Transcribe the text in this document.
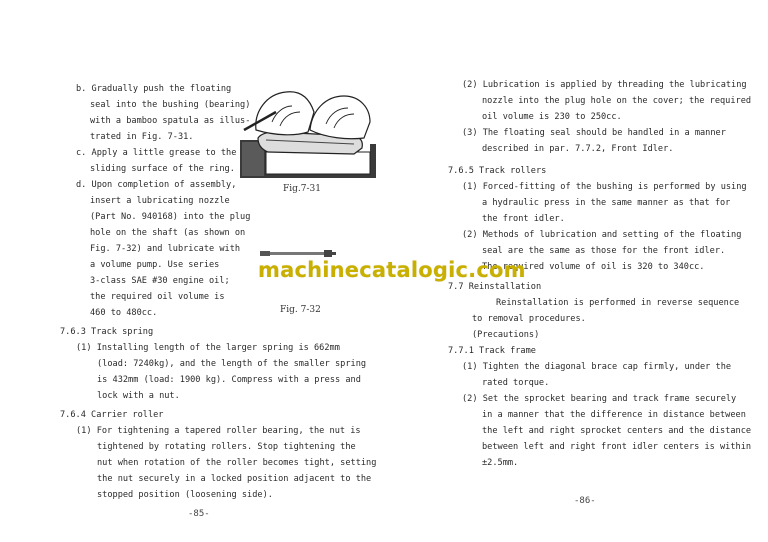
b. Gradually push the floating
seal into the bushing (bearing)
with a bamboo spatula as illus-
trated in Fig. 7-31.
c. Apply a little grease to the
sliding surface of the ring.
d. Upon completion of assembly,
insert a lubricating nozzle
(Part No. 940168) into the plug
hole on the shaft (as shown on
Fig. 7-32) and lubricate with
a volume pump. Use series
3-class SAE #30 engine oil;
the required oil volume is
460 to 480cc.
7.6.3 Track spring
(1) Installing length of the larger spring is 662mm
(load: 7240kg), and the length of the smaller spring
is 432mm (load: 1900 kg). Compress with a press and
lock with a nut.
7.6.4 Carrier roller
(1) For tightening a tapered roller bearing, the nut is
tightened by rotating rollers. Stop tightening the
nut when rotation of the roller becomes tight, setting
the nut securely in a locked position adjacent to the
stopped position (loosening side).
Fig.7-31
Fig. 7-32
-85-
(2) Lubrication is applied by threading the lubricating
nozzle into the plug hole on the cover; the required
oil volume is 230 to 250cc.
(3) The floating seal should be handled in a manner
described in par. 7.7.2, Front Idler.
7.6.5 Track rollers
(1) Forced-fitting of the bushing is performed by using
a hydraulic press in the same manner as that for
the front idler.
(2) Methods of lubrication and setting of the floating
seal are the same as those for the front idler.
The required volume of oil is 320 to 340cc.
7.7 Reinstallation
Reinstallation is performed in reverse sequence
to removal procedures.
(Precautions)
7.7.1 Track frame
(1) Tighten the diagonal brace cap firmly, under the
rated torque.
(2) Set the sprocket bearing and track frame securely
in a manner that the difference in distance between
the left and right sprocket centers and the distance
between left and right front idler centers is within
±2.5mm.
-86-
machinecatalogic.com
